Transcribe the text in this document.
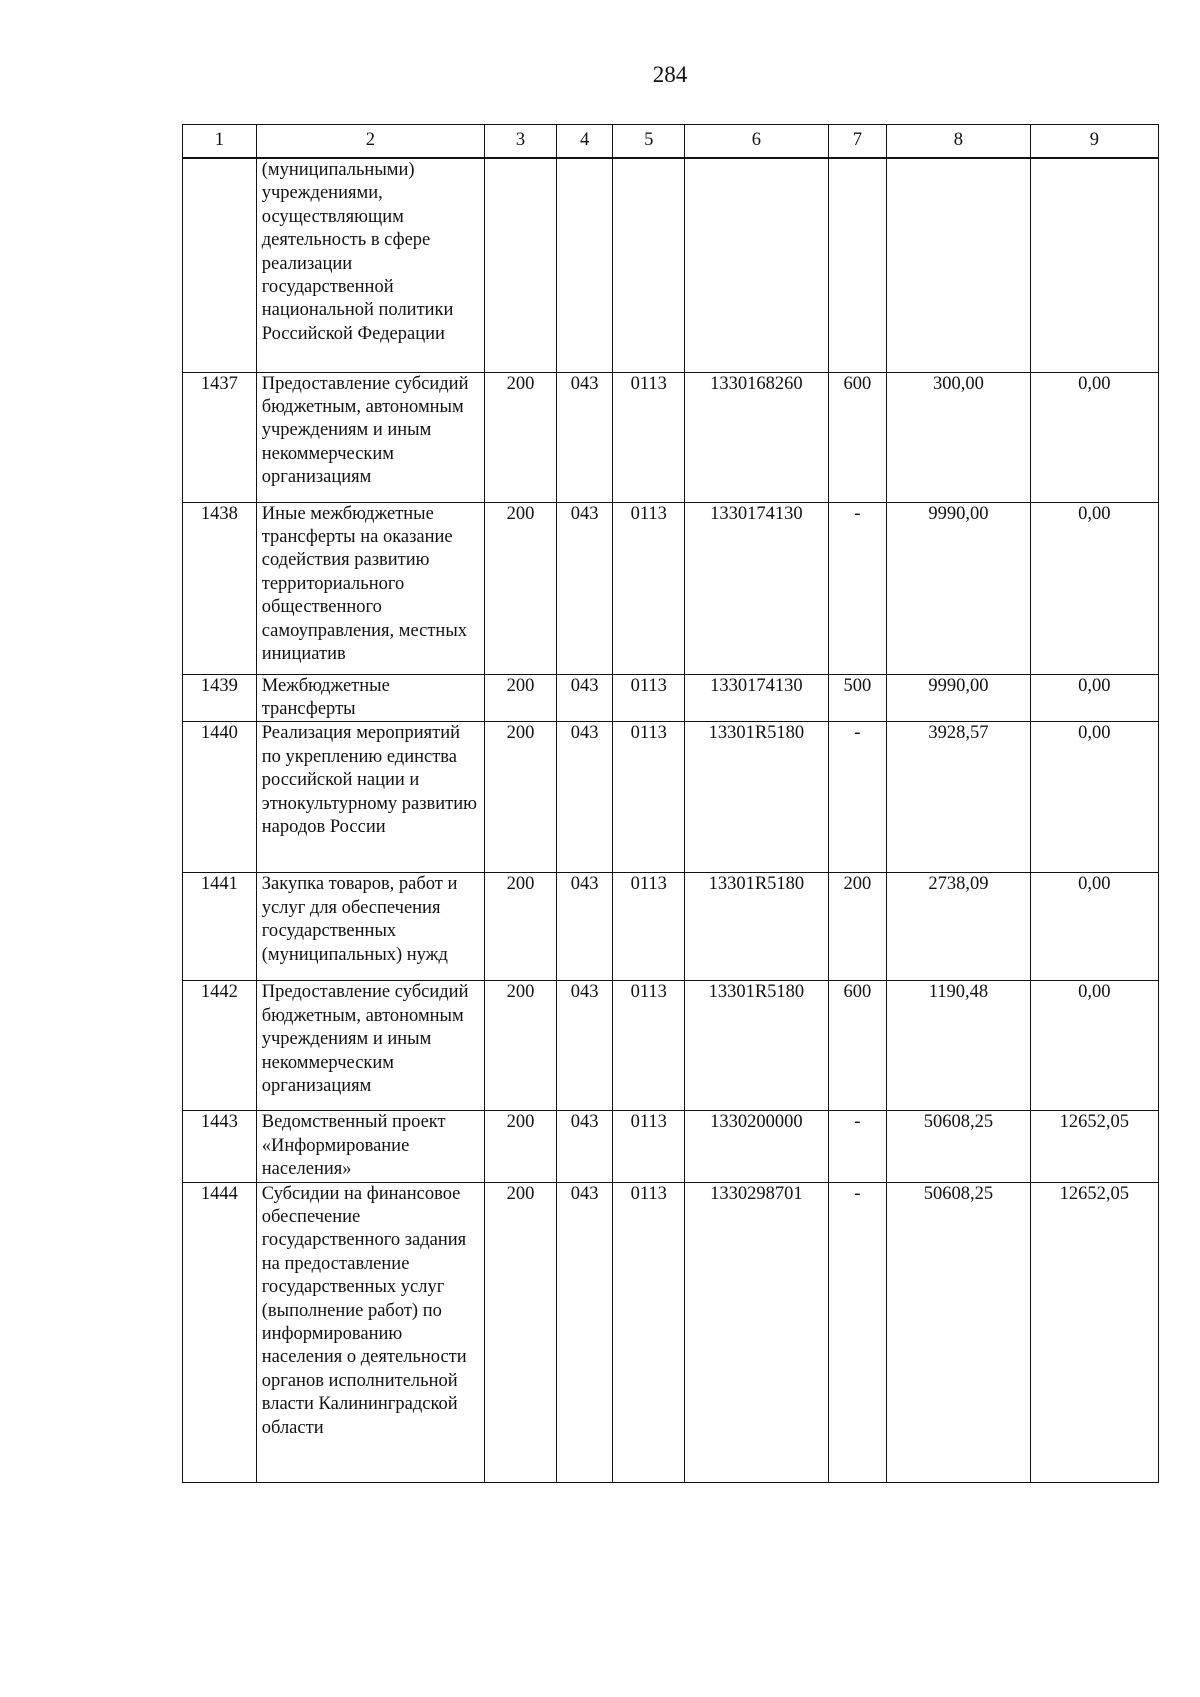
284
1	2	3	4	5	6	7	8	9
	(муниципальными) учреждениями, осуществляющим деятельность в сфере реализации государственной национальной политики Российской Федерации							
1437	Предоставление субсидий бюджетным, автономным учреждениям и иным некоммерческим организациям	200	043	0113	1330168260	600	300,00	0,00
1438	Иные межбюджетные трансферты на оказание содействия развитию территориального общественного самоуправления, местных инициатив	200	043	0113	1330174130	-	9990,00	0,00
1439	Межбюджетные трансферты	200	043	0113	1330174130	500	9990,00	0,00
1440	Реализация мероприятий по укреплению единства российской нации и этнокультурному развитию народов России	200	043	0113	13301R5180	-	3928,57	0,00
1441	Закупка товаров, работ и услуг для обеспечения государственных (муниципальных) нужд	200	043	0113	13301R5180	200	2738,09	0,00
1442	Предоставление субсидий бюджетным, автономным учреждениям и иным некоммерческим организациям	200	043	0113	13301R5180	600	1190,48	0,00
1443	Ведомственный проект «Информирование населения»	200	043	0113	1330200000	-	50608,25	12652,05
1444	Субсидии на финансовое обеспечение государственного задания на предоставление государственных услуг (выполнение работ) по информированию населения о деятельности органов исполнительной власти Калининградской области	200	043	0113	1330298701	-	50608,25	12652,05
